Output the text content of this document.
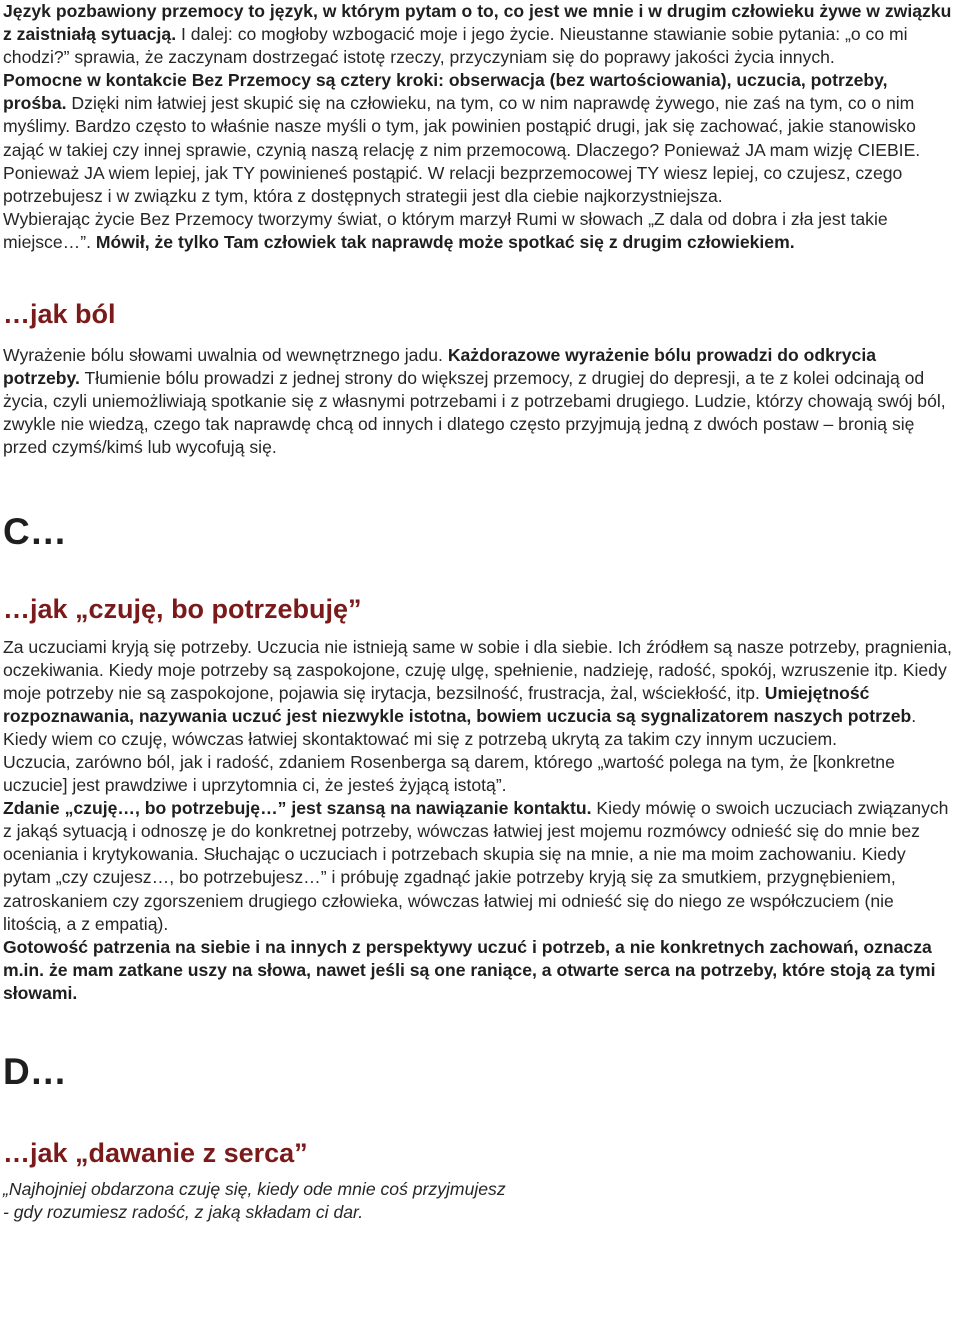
Język pozbawiony przemocy to język, w którym pytam o to, co jest we mnie i w drugim człowieku żywe w związku z zaistniałą sytuacją. I dalej: co mogłoby wzbogacić moje i jego życie. Nieustanne stawianie sobie pytania: „o co mi chodzi?” sprawia, że zaczynam dostrzegać istotę rzeczy, przyczyniam się do poprawy jakości życia innych.

Pomocne w kontakcie Bez Przemocy są cztery kroki: obserwacja (bez wartościowania), uczucia, potrzeby, prośba. Dzięki nim łatwiej jest skupić się na człowieku, na tym, co w nim naprawdę żywego, nie zaś na tym, co o nim myślimy. Bardzo często to właśnie nasze myśli o tym, jak powinien postąpić drugi, jak się zachować, jakie stanowisko zająć w takiej czy innej sprawie, czynią naszą relację z nim przemocową. Dlaczego? Ponieważ JA mam wizję CIEBIE. Ponieważ JA wiem lepiej, jak TY powinieneś postąpić. W relacji bezprzemocowej TY wiesz lepiej, co czujesz, czego potrzebujesz i w związku z tym, która z dostępnych strategii jest dla ciebie najkorzystniejsza.

Wybierając życie Bez Przemocy tworzymy świat, o którym marzył Rumi w słowach „Z dala od dobra i zła jest takie miejsce…”. Mówił, że tylko Tam człowiek tak naprawdę może spotkać się z drugim człowiekiem.

…jak ból

Wyrażenie bólu słowami uwalnia od wewnętrznego jadu. Każdorazowe wyrażenie bólu prowadzi do odkrycia potrzeby. Tłumienie bólu prowadzi z jednej strony do większej przemocy, z drugiej do depresji, a te z kolei odcinają od życia, czyli uniemożliwiają spotkanie się z własnymi potrzebami i z potrzebami drugiego. Ludzie, którzy chowają swój ból, zwykle nie wiedzą, czego tak naprawdę chcą od innych i dlatego często przyjmują jedną z dwóch postaw – bronią się przed czymś/kimś lub wycofują się.

C…
…jak „czuję, bo potrzebuję”

Za uczuciami kryją się potrzeby. Uczucia nie istnieją same w sobie i dla siebie. Ich źródłem są nasze potrzeby, pragnienia, oczekiwania. Kiedy moje potrzeby są zaspokojone, czuję ulgę, spełnienie, nadzieję, radość, spokój, wzruszenie itp. Kiedy moje potrzeby nie są zaspokojone, pojawia się irytacja, bezsilność, frustracja, żal, wściekłość, itp. Umiejętność rozpoznawania, nazywania uczuć jest niezwykle istotna, bowiem uczucia są sygnalizatorem naszych potrzeb. Kiedy wiem co czuję, wówczas łatwiej skontaktować mi się z potrzebą ukrytą za takim czy innym uczuciem.

Uczucia, zarówno ból, jak i radość, zdaniem Rosenberga są darem, którego „wartość polega na tym, że [konkretne uczucie] jest prawdziwe i uprzytomnia ci, że jesteś żyjącą istotą”.

Zdanie „czuję…, bo potrzebuję…” jest szansą na nawiązanie kontaktu. Kiedy mówię o swoich uczuciach związanych z jakąś sytuacją i odnoszę je do konkretnej potrzeby, wówczas łatwiej jest mojemu rozmówcy odnieść się do mnie bez oceniania i krytykowania. Słuchając o uczuciach i potrzebach skupia się na mnie, a nie ma moim zachowaniu. Kiedy pytam „czy czujesz…, bo potrzebujesz…” i próbuję zgadnąć jakie potrzeby kryją się za smutkiem, przygnębieniem, zatroskaniem czy zgorszeniem drugiego człowieka, wówczas łatwiej mi odnieść się do niego ze współczuciem (nie litością, a z empatią).

Gotowość patrzenia na siebie i na innych z perspektywy uczuć i potrzeb, a nie konkretnych zachowań, oznacza m.in. że mam zatkane uszy na słowa, nawet jeśli są one raniące, a otwarte serca na potrzeby, które stoją za tymi słowami.

D…
…jak „dawanie z serca”

„Najhojniej obdarzona czuję się, kiedy ode mnie coś przyjmujesz

- gdy rozumiesz radość, z jaką składam ci dar.
